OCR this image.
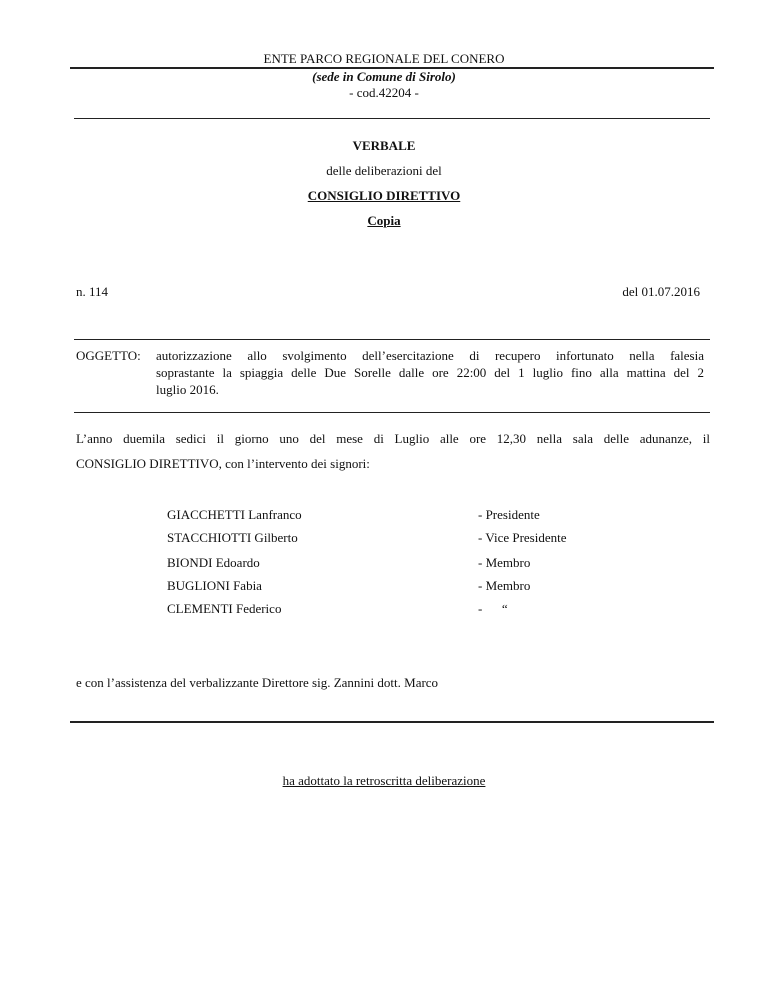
ENTE PARCO REGIONALE DEL CONERO
(sede in Comune di Sirolo)
- cod.42204 -
VERBALE
delle deliberazioni del
CONSIGLIO DIRETTIVO
Copia
n. 114	del 01.07.2016
OGGETTO: autorizzazione allo svolgimento dell’esercitazione di recupero infortunato nella falesia
soprastante la spiaggia delle Due Sorelle dalle ore 22:00 del 1 luglio fino alla mattina del 2
luglio 2016.
L’anno duemila sedici il giorno uno del mese di Luglio alle ore 12,30 nella sala delle adunanze, il
CONSIGLIO DIRETTIVO, con l’intervento dei signori:
GIACCHETTI Lanfranco	- Presidente
STACCHIOTTI Gilberto	- Vice Presidente
BIONDI Edoardo	- Membro
BUGLIONI Fabia	- Membro
CLEMENTI Federico	-      “
e con l’assistenza del verbalizzante Direttore sig. Zannini dott. Marco
ha adottato la retroscritta deliberazione
